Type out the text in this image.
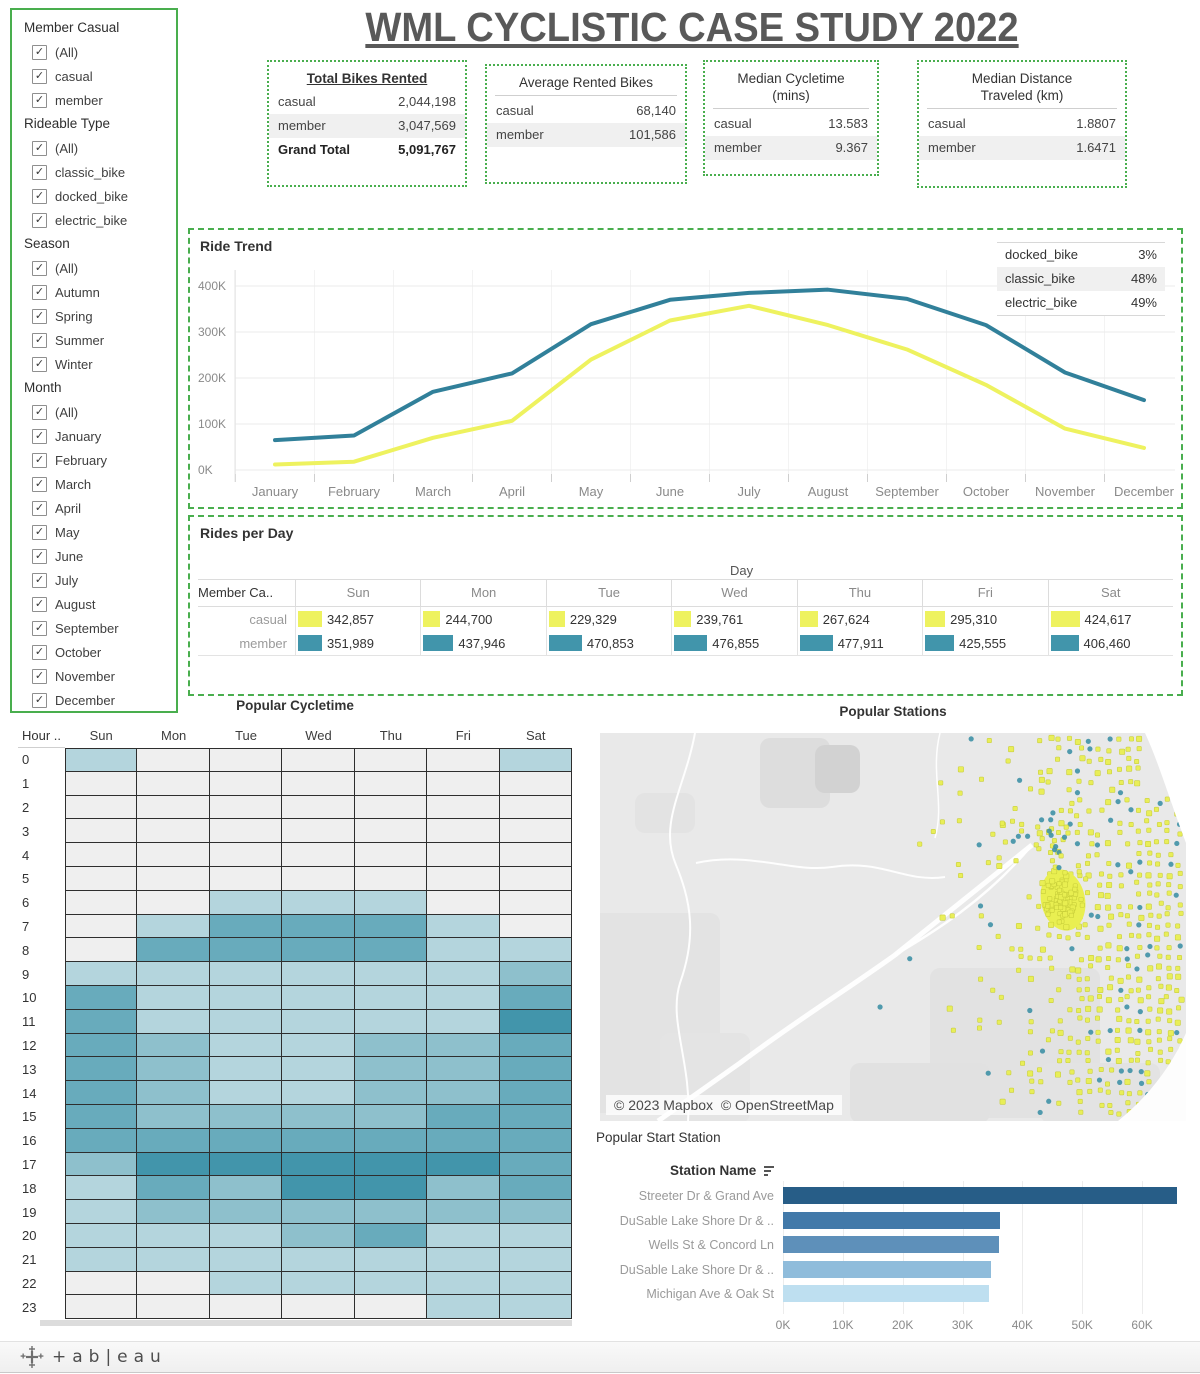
Member Casual
✓ (All)
✓ casual
✓ member
Rideable Type
✓ (All)
✓ classic_bike
✓ docked_bike
✓ electric_bike
Season
✓ (All)
✓ Autumn
✓ Spring
✓ Summer
✓ Winter
Month
✓ (All)
✓ January
✓ February
✓ March
✓ April
✓ May
✓ June
✓ July
✓ August
✓ September
✓ October
✓ November
✓ December
WML CYCLISTIC CASE STUDY 2022
Total Bikes Rented
casual	2,044,198
member	3,047,569
Grand Total	5,091,767
Average Rented Bikes
casual	68,140
member	101,586
Median Cycletime
(mins)
casual	13.583
member	9.367
Median Distance
Traveled (km)
casual	1.8807
member	1.6471
Ride Trend
0K
100K
200K
300K
400K
January February	March	April	May	June	July	August September October November December
docked_bike	3%
classic_bike	48%
electric_bike	49%
Rides per Day
Day
Member Ca..	Sun	Mon	Tue	Wed	Thu	Fri	Sat
casual	342,857	244,700	229,329	239,761	267,624	295,310	424,617
member	351,989	437,946	470,853	476,855	477,911	425,555	406,460
Popular Cycletime
Hour ..	Sun	Mon	Tue	Wed	Thu	Fri	Sat
0
1
2
3
4
5
6
7
8
9
10
11
12
13
14
15
16
17
18
19
20
21
22
23
Popular Stations
© 2023 Mapbox © OpenStreetMap
Popular Start Station
Station Name
0K	10K	20K	30K	40K	50K	60K
Streeter Dr & Grand Ave
DuSable Lake Shore Dr & ..
Wells St & Concord Ln
DuSable Lake Shore Dr & ..
Michigan Ave & Oak St
+ab|eau
